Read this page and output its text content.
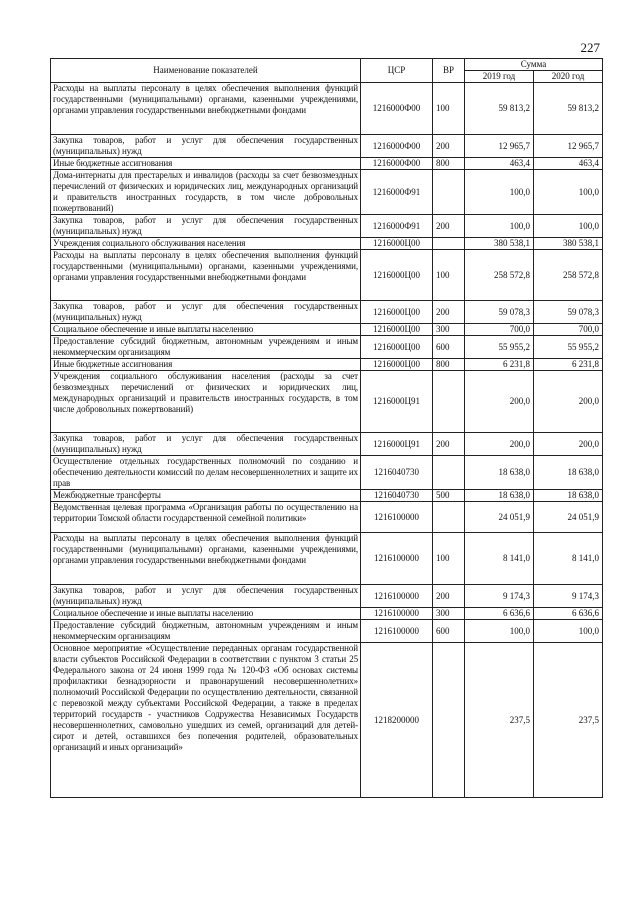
227
Наименование показателей	ЦСР	ВР	Сумма	
			2019 год	2020 год
Расходы на выплаты персоналу в целях обеспечения выполнения функций государственными (муниципальными) органами, казенными учреждениями, органами управления государственными внебюджетными фондами	1216000Ф00	100	59 813,2	59 813,2
Закупка товаров, работ и услуг для обеспечения государственных (муниципальных) нужд	1216000Ф00	200	12 965,7	12 965,7
Иные бюджетные ассигнования	1216000Ф00	800	463,4	463,4
Дома-интернаты для престарелых и инвалидов (расходы за счет безвозмездных перечислений от физических и юридических лиц, международных организаций и правительств иностранных государств, в том числе добровольных пожертвований)	1216000Ф91		100,0	100,0
Закупка товаров, работ и услуг для обеспечения государственных (муниципальных) нужд	1216000Ф91	200	100,0	100,0
Учреждения социального обслуживания населения	1216000Ц00		380 538,1	380 538,1
Расходы на выплаты персоналу в целях обеспечения выполнения функций государственными (муниципальными) органами, казенными учреждениями, органами управления государственными внебюджетными фондами	1216000Ц00	100	258 572,8	258 572,8
Закупка товаров, работ и услуг для обеспечения государственных (муниципальных) нужд	1216000Ц00	200	59 078,3	59 078,3
Социальное обеспечение и иные выплаты населению	1216000Ц00	300	700,0	700,0
Предоставление субсидий бюджетным, автономным учреждениям и иным некоммерческим организациям	1216000Ц00	600	55 955,2	55 955,2
Иные бюджетные ассигнования	1216000Ц00	800	6 231,8	6 231,8
Учреждения социального обслуживания населения (расходы за счет безвозмездных перечислений от физических и юридических лиц, международных организаций и правительств иностранных государств, в том числе добровольных пожертвований)	1216000Ц91		200,0	200,0
Закупка товаров, работ и услуг для обеспечения государственных (муниципальных) нужд	1216000Ц91	200	200,0	200,0
Осуществление отдельных государственных полномочий по созданию и обеспечению деятельности комиссий по делам несовершеннолетних и защите их прав	1216040730		18 638,0	18 638,0
Межбюджетные трансферты	1216040730	500	18 638,0	18 638,0
Ведомственная целевая программа «Организация работы по осуществлению на территории Томской области государственной семейной политики»	1216100000		24 051,9	24 051,9
Расходы на выплаты персоналу в целях обеспечения выполнения функций государственными (муниципальными) органами, казенными учреждениями, органами управления государственными внебюджетными фондами	1216100000	100	8 141,0	8 141,0
Закупка товаров, работ и услуг для обеспечения государственных (муниципальных) нужд	1216100000	200	9 174,3	9 174,3
Социальное обеспечение и иные выплаты населению	1216100000	300	6 636,6	6 636,6
Предоставление субсидий бюджетным, автономным учреждениям и иным некоммерческим организациям	1216100000	600	100,0	100,0
Основное мероприятие «Осуществление переданных органам государственной власти субъектов Российской Федерации в соответствии с пунктом 3 статьи 25 Федерального закона от 24 июня 1999 года № 120-ФЗ «Об основах системы профилактики безнадзорности и правонарушений несовершеннолетних» полномочий Российской Федерации по осуществлению деятельности, связанной с перевозкой между субъектами Российской Федерации, а также в пределах территорий государств - участников Содружества Независимых Государств несовершеннолетних, самовольно ушедших из семей, организаций для детей-сирот и детей, оставшихся без попечения родителей, образовательных организаций и иных организаций»	1218200000		237,5	237,5
